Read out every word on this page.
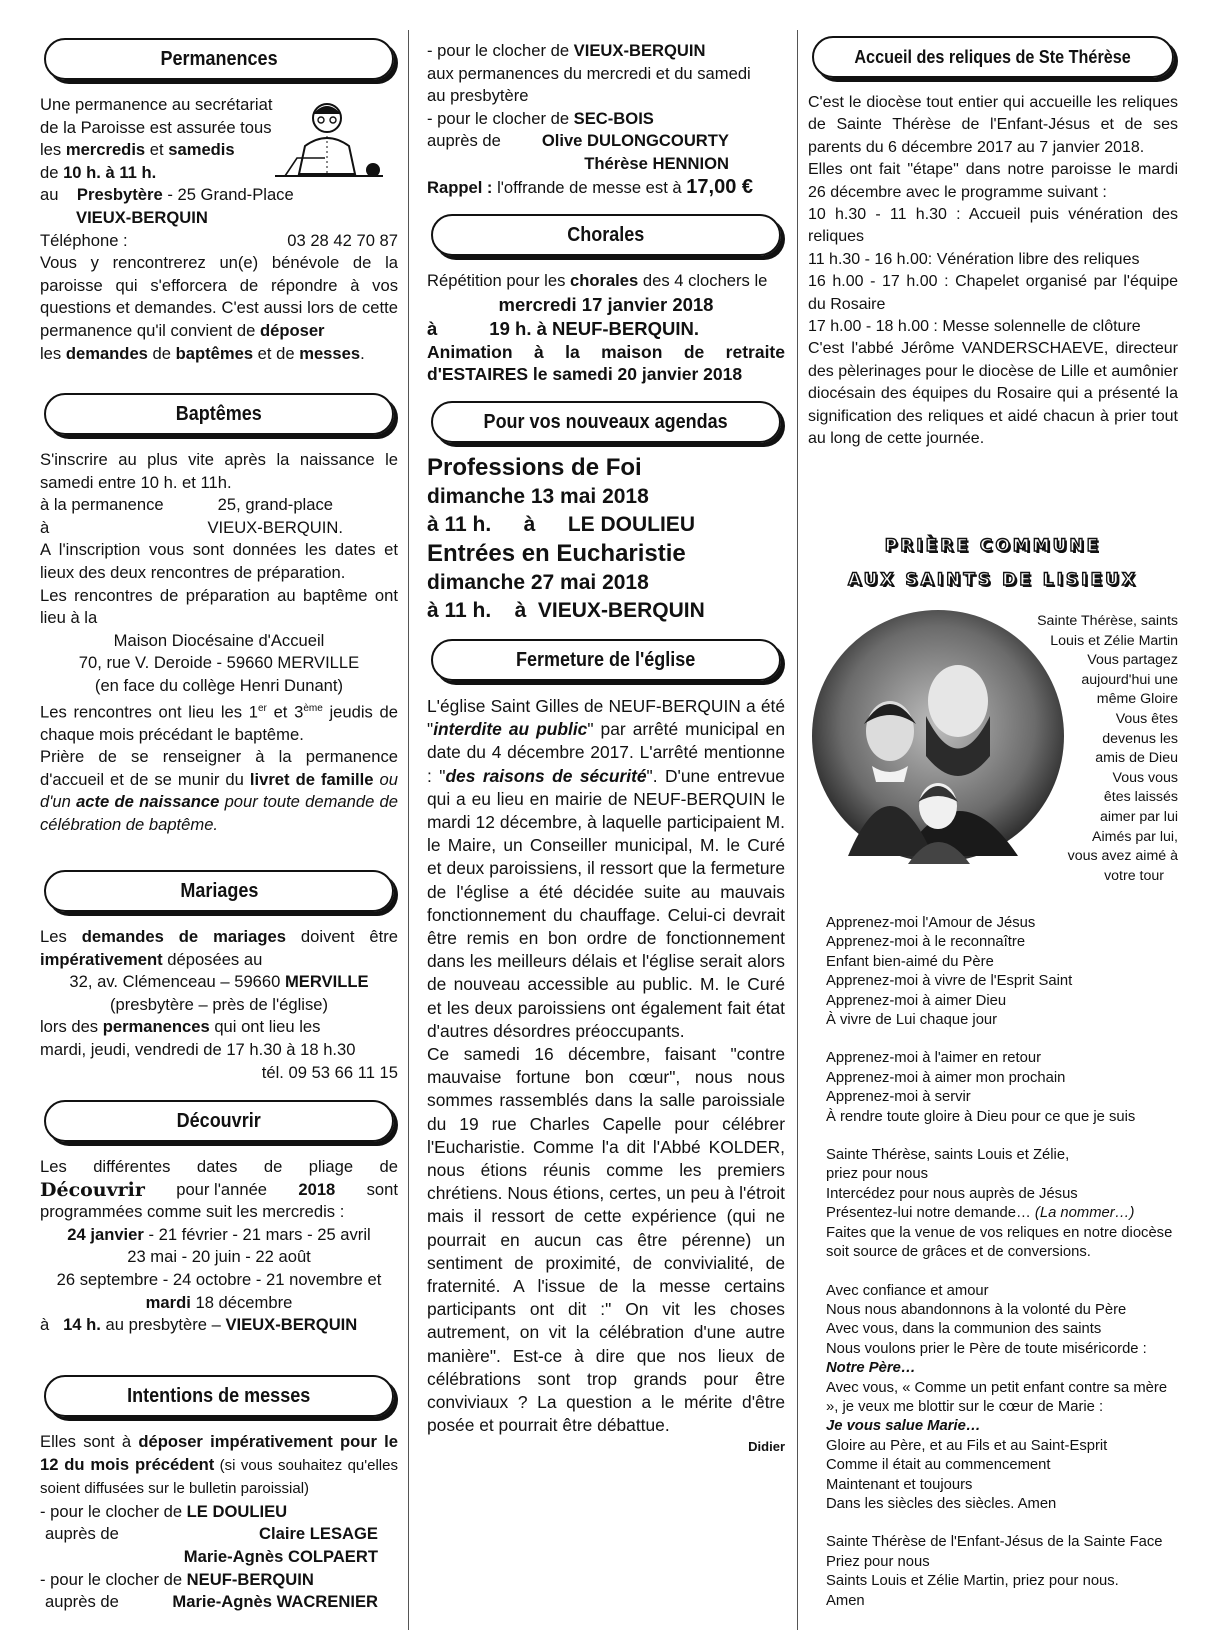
Permanences

Une permanence au secrétariat

de la Paroisse est assurée tous

les mercredis et samedis

de 10 h. à 11 h.

au Presbytère - 25 Grand-Place

VIEUX-BERQUIN

Téléphone :	03 28 42 70 87

Vous y rencontrerez un(e) bénévole de la paroisse qui s'efforcera de répondre à vos questions et demandes. C'est aussi lors de cette permanence qu'il convient de déposer

les demandes de baptêmes et de messes.

Baptêmes

S'inscrire au plus vite après la naissance le samedi entre 10 h. et 11h.

à la permanence	25, grand-place

à	VIEUX-BERQUIN.

A l'inscription vous sont données les dates et lieux des deux rencontres de préparation.

Les rencontres de préparation au baptême ont lieu à la

Maison Diocésaine d'Accueil

70, rue V. Deroide - 59660 MERVILLE

(en face du collège Henri Dunant)

Les rencontres ont lieu les 1er et 3ème jeudis de chaque mois précédant le baptême.

Prière de se renseigner à la permanence d'accueil et de se munir du livret de famille ou d'un acte de naissance pour toute demande de célébration de baptême.

Mariages

Les demandes de mariages doivent être impérativement déposées au

32, av. Clémenceau – 59660 MERVILLE

(presbytère – près de l'église)

lors des permanences qui ont lieu les

mardi, jeudi, vendredi de 17 h.30 à 18 h.30

tél. 09 53 66 11 15

Découvrir

Les différentes dates de pliage de

Découvrir pour l'année 2018 sont

programmées comme suit les mercredis :

24 janvier - 21 février - 21 mars - 25 avril

23 mai - 20 juin - 22 août

26 septembre - 24 octobre - 21 novembre et

mardi 18 décembre

à 14 h. au presbytère – VIEUX-BERQUIN

Intentions de messes

Elles sont à déposer impérativement pour le 12 du mois précédent (si vous souhaitez qu'elles soient diffusées sur le bulletin paroissial)

- pour le clocher de LE DOULIEU

auprès de	Claire LESAGE

Marie-Agnès COLPAERT

- pour le clocher de NEUF-BERQUIN

auprès de	Marie-Agnès WACRENIER

- pour le clocher de VIEUX-BERQUIN

aux permanences du mercredi et du samedi

au presbytère

- pour le clocher de SEC-BOIS

auprès de Olive DULONGCOURTY

Thérèse HENNION

Rappel : l'offrande de messe est à 17,00 €

Chorales

Répétition pour les chorales des 4 clochers le

mercredi 17 janvier 2018

à	19 h. à NEUF-BERQUIN.

Animation à la maison de retraite d'ESTAIRES le samedi 20 janvier 2018

Pour vos nouveaux agendas

Professions de Foi

dimanche 13 mai 2018

à 11 h. à LE DOULIEU

Entrées en Eucharistie

dimanche 27 mai 2018

à 11 h. à VIEUX-BERQUIN

Fermeture de l'église

L'église Saint Gilles de NEUF-BERQUIN a été "interdite au public" par arrêté municipal en date du 4 décembre 2017. L'arrêté mentionne : "des raisons de sécurité". D'une entrevue qui a eu lieu en mairie de NEUF-BERQUIN le mardi 12 décembre, à laquelle participaient M. le Maire, un Conseiller municipal, M. le Curé et deux paroissiens, il ressort que la fermeture de l'église a été décidée suite au mauvais fonctionnement du chauffage. Celui-ci devrait être remis en bon ordre de fonctionnement dans les meilleurs délais et l'église serait alors de nouveau accessible au public. M. le Curé et les deux paroissiens ont également fait état d'autres désordres préoccupants.

Ce samedi 16 décembre, faisant "contre mauvaise fortune bon cœur", nous nous sommes rassemblés dans la salle paroissiale du 19 rue Charles Capelle pour célébrer l'Eucharistie. Comme l'a dit l'Abbé KOLDER, nous étions réunis comme les premiers chrétiens. Nous étions, certes, un peu à l'étroit mais il ressort de cette expérience (qui ne pourrait en aucun cas être pérenne) un sentiment de proximité, de convivialité, de fraternité. A l'issue de la messe certains participants ont dit :" On vit les choses autrement, on vit la célébration d'une autre manière". Est-ce à dire que nos lieux de célébrations sont trop grands pour être conviviaux ? La question a le mérite d'être posée et pourrait être débattue.

Didier

Accueil des reliques de Ste Thérèse

C'est le diocèse tout entier qui accueille les reliques de Sainte Thérèse de l'Enfant-Jésus et de ses parents du 6 décembre 2017 au 7 janvier 2018.

Elles ont fait "étape" dans notre paroisse le mardi 26 décembre avec le programme suivant :

10 h.30 - 11 h.30 : Accueil puis vénération des reliques

11 h.30 - 16 h.00: Vénération libre des reliques

16 h.00 - 17 h.00 : Chapelet organisé par l'équipe du Rosaire

17 h.00 - 18 h.00 : Messe solennelle de clôture

C'est l'abbé Jérôme VANDERSCHAEVE, directeur des pèlerinages pour le diocèse de Lille et aumônier diocésain des équipes du Rosaire qui a présenté la signification des reliques et aidé chacun à prier tout au long de cette journée.

PRIÈRE COMMUNE

AUX SAINTS DE LISIEUX

Sainte Thérèse, saints

Louis et Zélie Martin

Vous partagez

aujourd'hui une

même Gloire

Vous êtes

devenus les

amis de Dieu

Vous vous

êtes laissés

aimer par lui

Aimés par lui,

vous avez aimé à

votre tour

Apprenez-moi l'Amour de Jésus

Apprenez-moi à le reconnaître

Enfant bien-aimé du Père

Apprenez-moi à vivre de l'Esprit Saint

Apprenez-moi à aimer Dieu

À vivre de Lui chaque jour

Apprenez-moi à l'aimer en retour

Apprenez-moi à aimer mon prochain

Apprenez-moi à servir

À rendre toute gloire à Dieu pour ce que je suis

Sainte Thérèse, saints Louis et Zélie,

priez pour nous

Intercédez pour nous auprès de Jésus

Présentez-lui notre demande… (La nommer…)

Faites que la venue de vos reliques en notre diocèse soit source de grâces et de conversions.

Avec confiance et amour

Nous nous abandonnons à la volonté du Père

Avec vous, dans la communion des saints

Nous voulons prier le Père de toute miséricorde :

Notre Père…

Avec vous, « Comme un petit enfant contre sa mère », je veux me blottir sur le cœur de Marie :

Je vous salue Marie…

Gloire au Père, et au Fils et au Saint-Esprit

Comme il était au commencement

Maintenant et toujours

Dans les siècles des siècles. Amen

Sainte Thérèse de l'Enfant-Jésus de la Sainte Face

Priez pour nous

Saints Louis et Zélie Martin, priez pour nous.

Amen
